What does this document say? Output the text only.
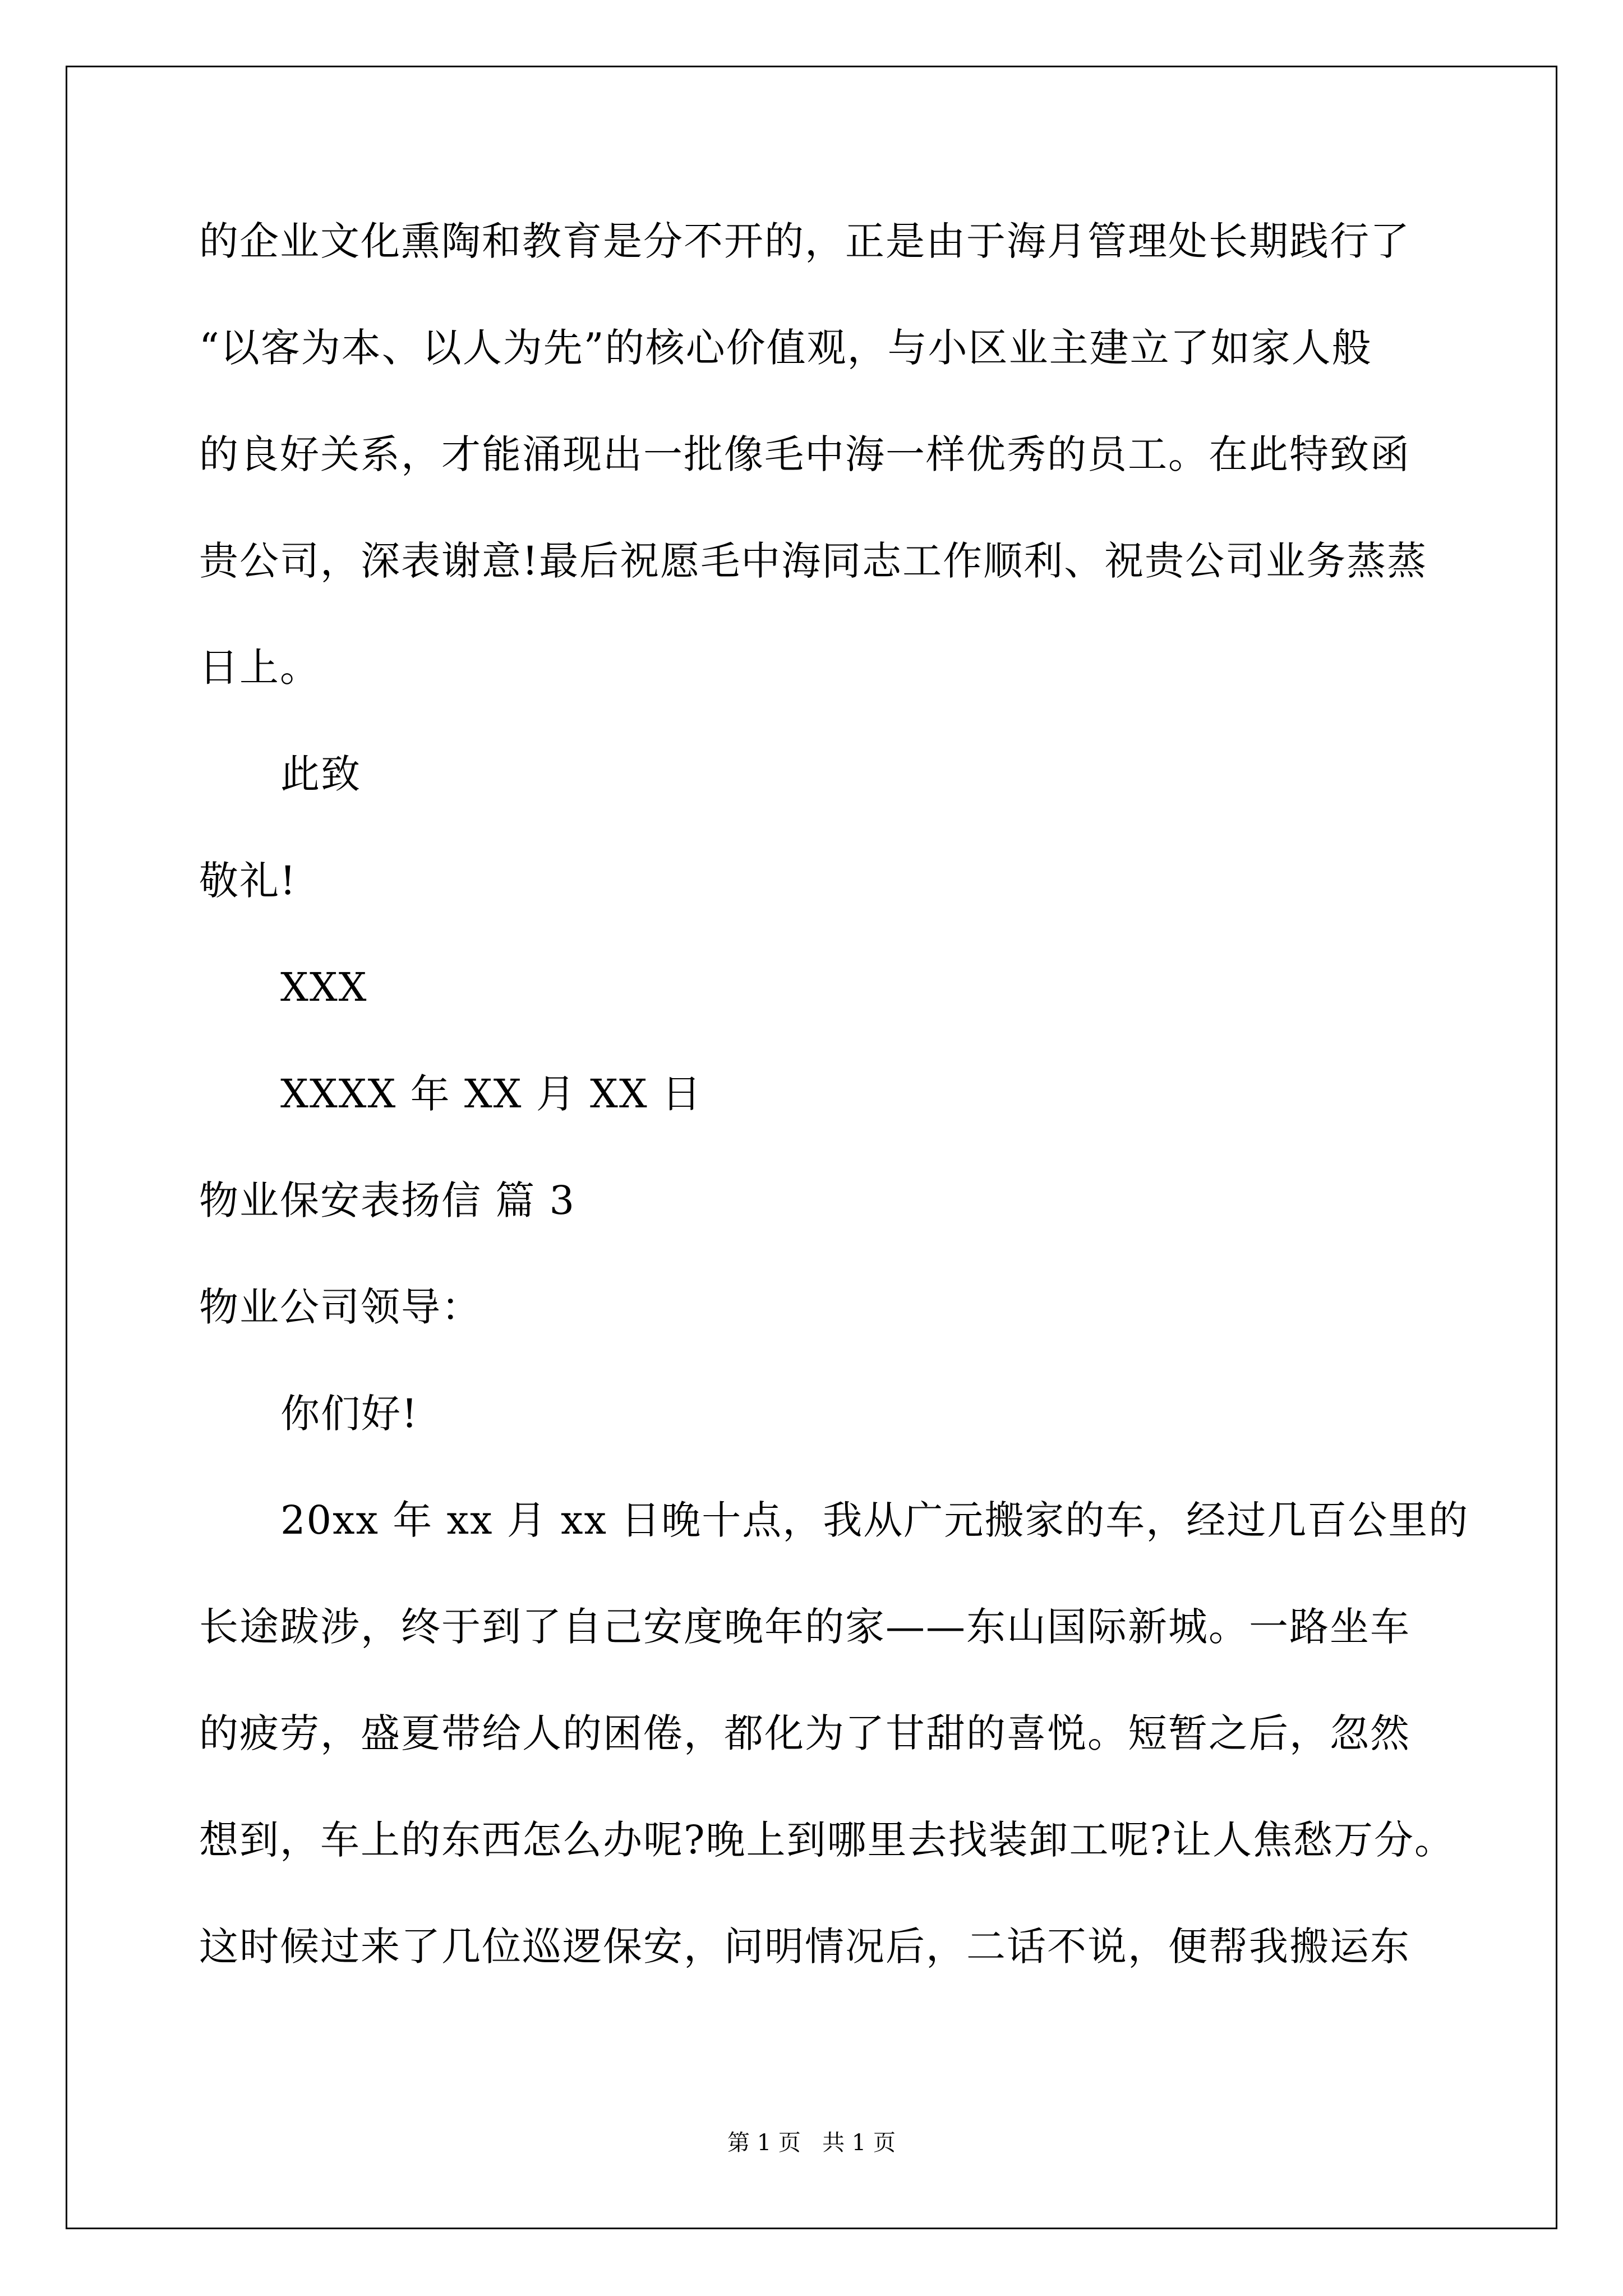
的企业文化熏陶和教育是分不开的，正是由于海月管理处长期践行了
“以客为本、以人为先”的核心价值观，与小区业主建立了如家人般
的良好关系，才能涌现出一批像毛中海一样优秀的员工。在此特致函
贵公司，深表谢意!最后祝愿毛中海同志工作顺利、祝贵公司业务蒸蒸
日上。
此致
敬礼!
XXX
XXXX 年 XX 月 XX 日
物业保安表扬信 篇 3
物业公司领导：
你们好!
20xx 年 xx 月 xx 日晚十点，我从广元搬家的车，经过几百公里的
长途跋涉，终于到了自己安度晚年的家——东山国际新城。一路坐车
的疲劳，盛夏带给人的困倦，都化为了甘甜的喜悦。短暂之后，忽然
想到，车上的东西怎么办呢?晚上到哪里去找装卸工呢?让人焦愁万分。
这时候过来了几位巡逻保安，问明情况后，二话不说，便帮我搬运东
第 1 页   共 1 页
